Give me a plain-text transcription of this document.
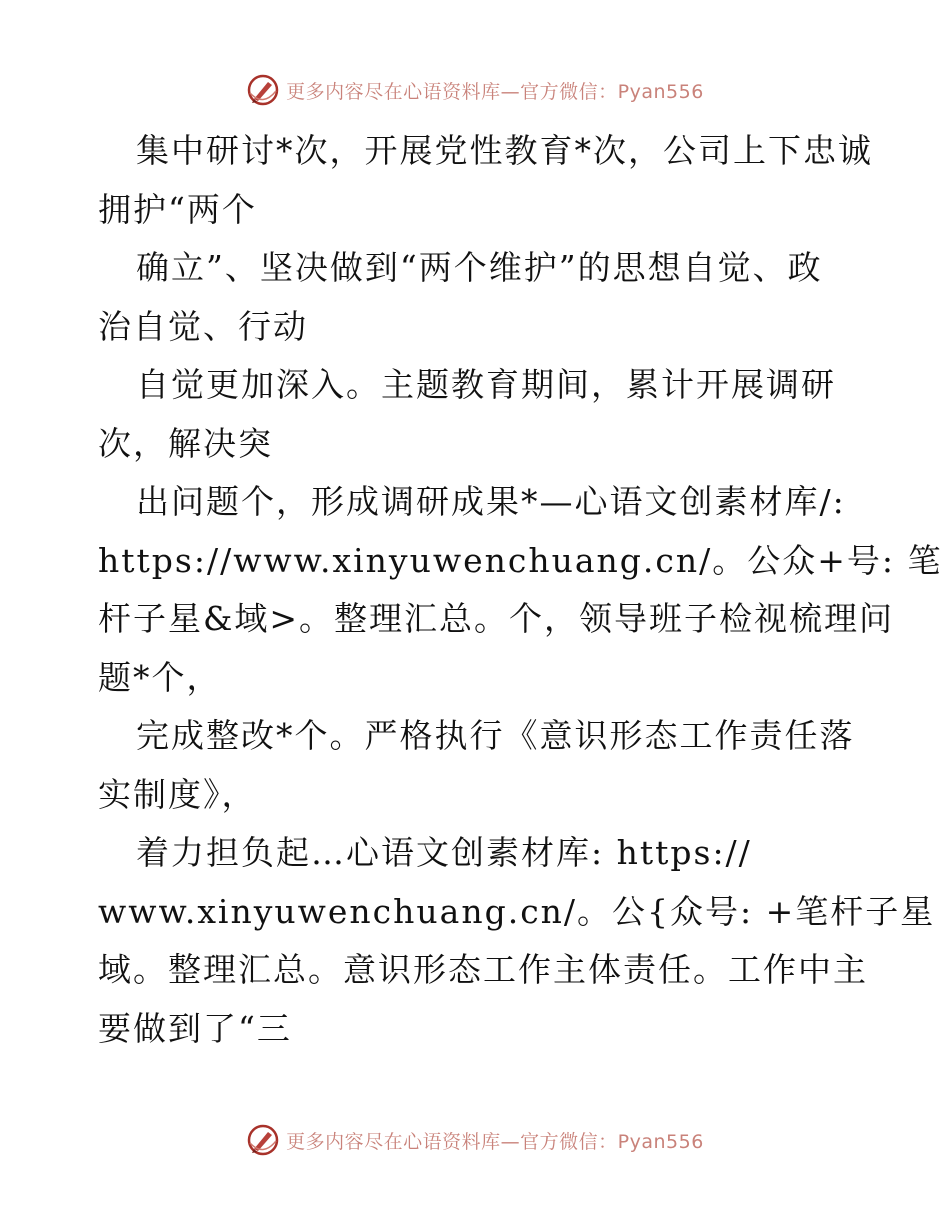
更多内容尽在心语资料库—官方微信：Pyan556
集中研讨*次，开展党性教育*次，公司上下忠诚
拥护“两个
确立”、坚决做到“两个维护”的思想自觉、政
治自觉、行动
自觉更加深入。主题教育期间，累计开展调研
次，解决突
出问题个，形成调研成果*—心语文创素材库/:
https://www.xinyuwenchuang.cn/。公众+号: 笔
杆子星&域>。整理汇总。个，领导班子检视梳理问
题*个，
完成整改*个。严格执行《意识形态工作责任落
实制度》，
着力担负起…心语文创素材库: https://
www.xinyuwenchuang.cn/。公{众号: +笔杆子星
域。整理汇总。意识形态工作主体责任。工作中主
要做到了“三
更多内容尽在心语资料库—官方微信：Pyan556
